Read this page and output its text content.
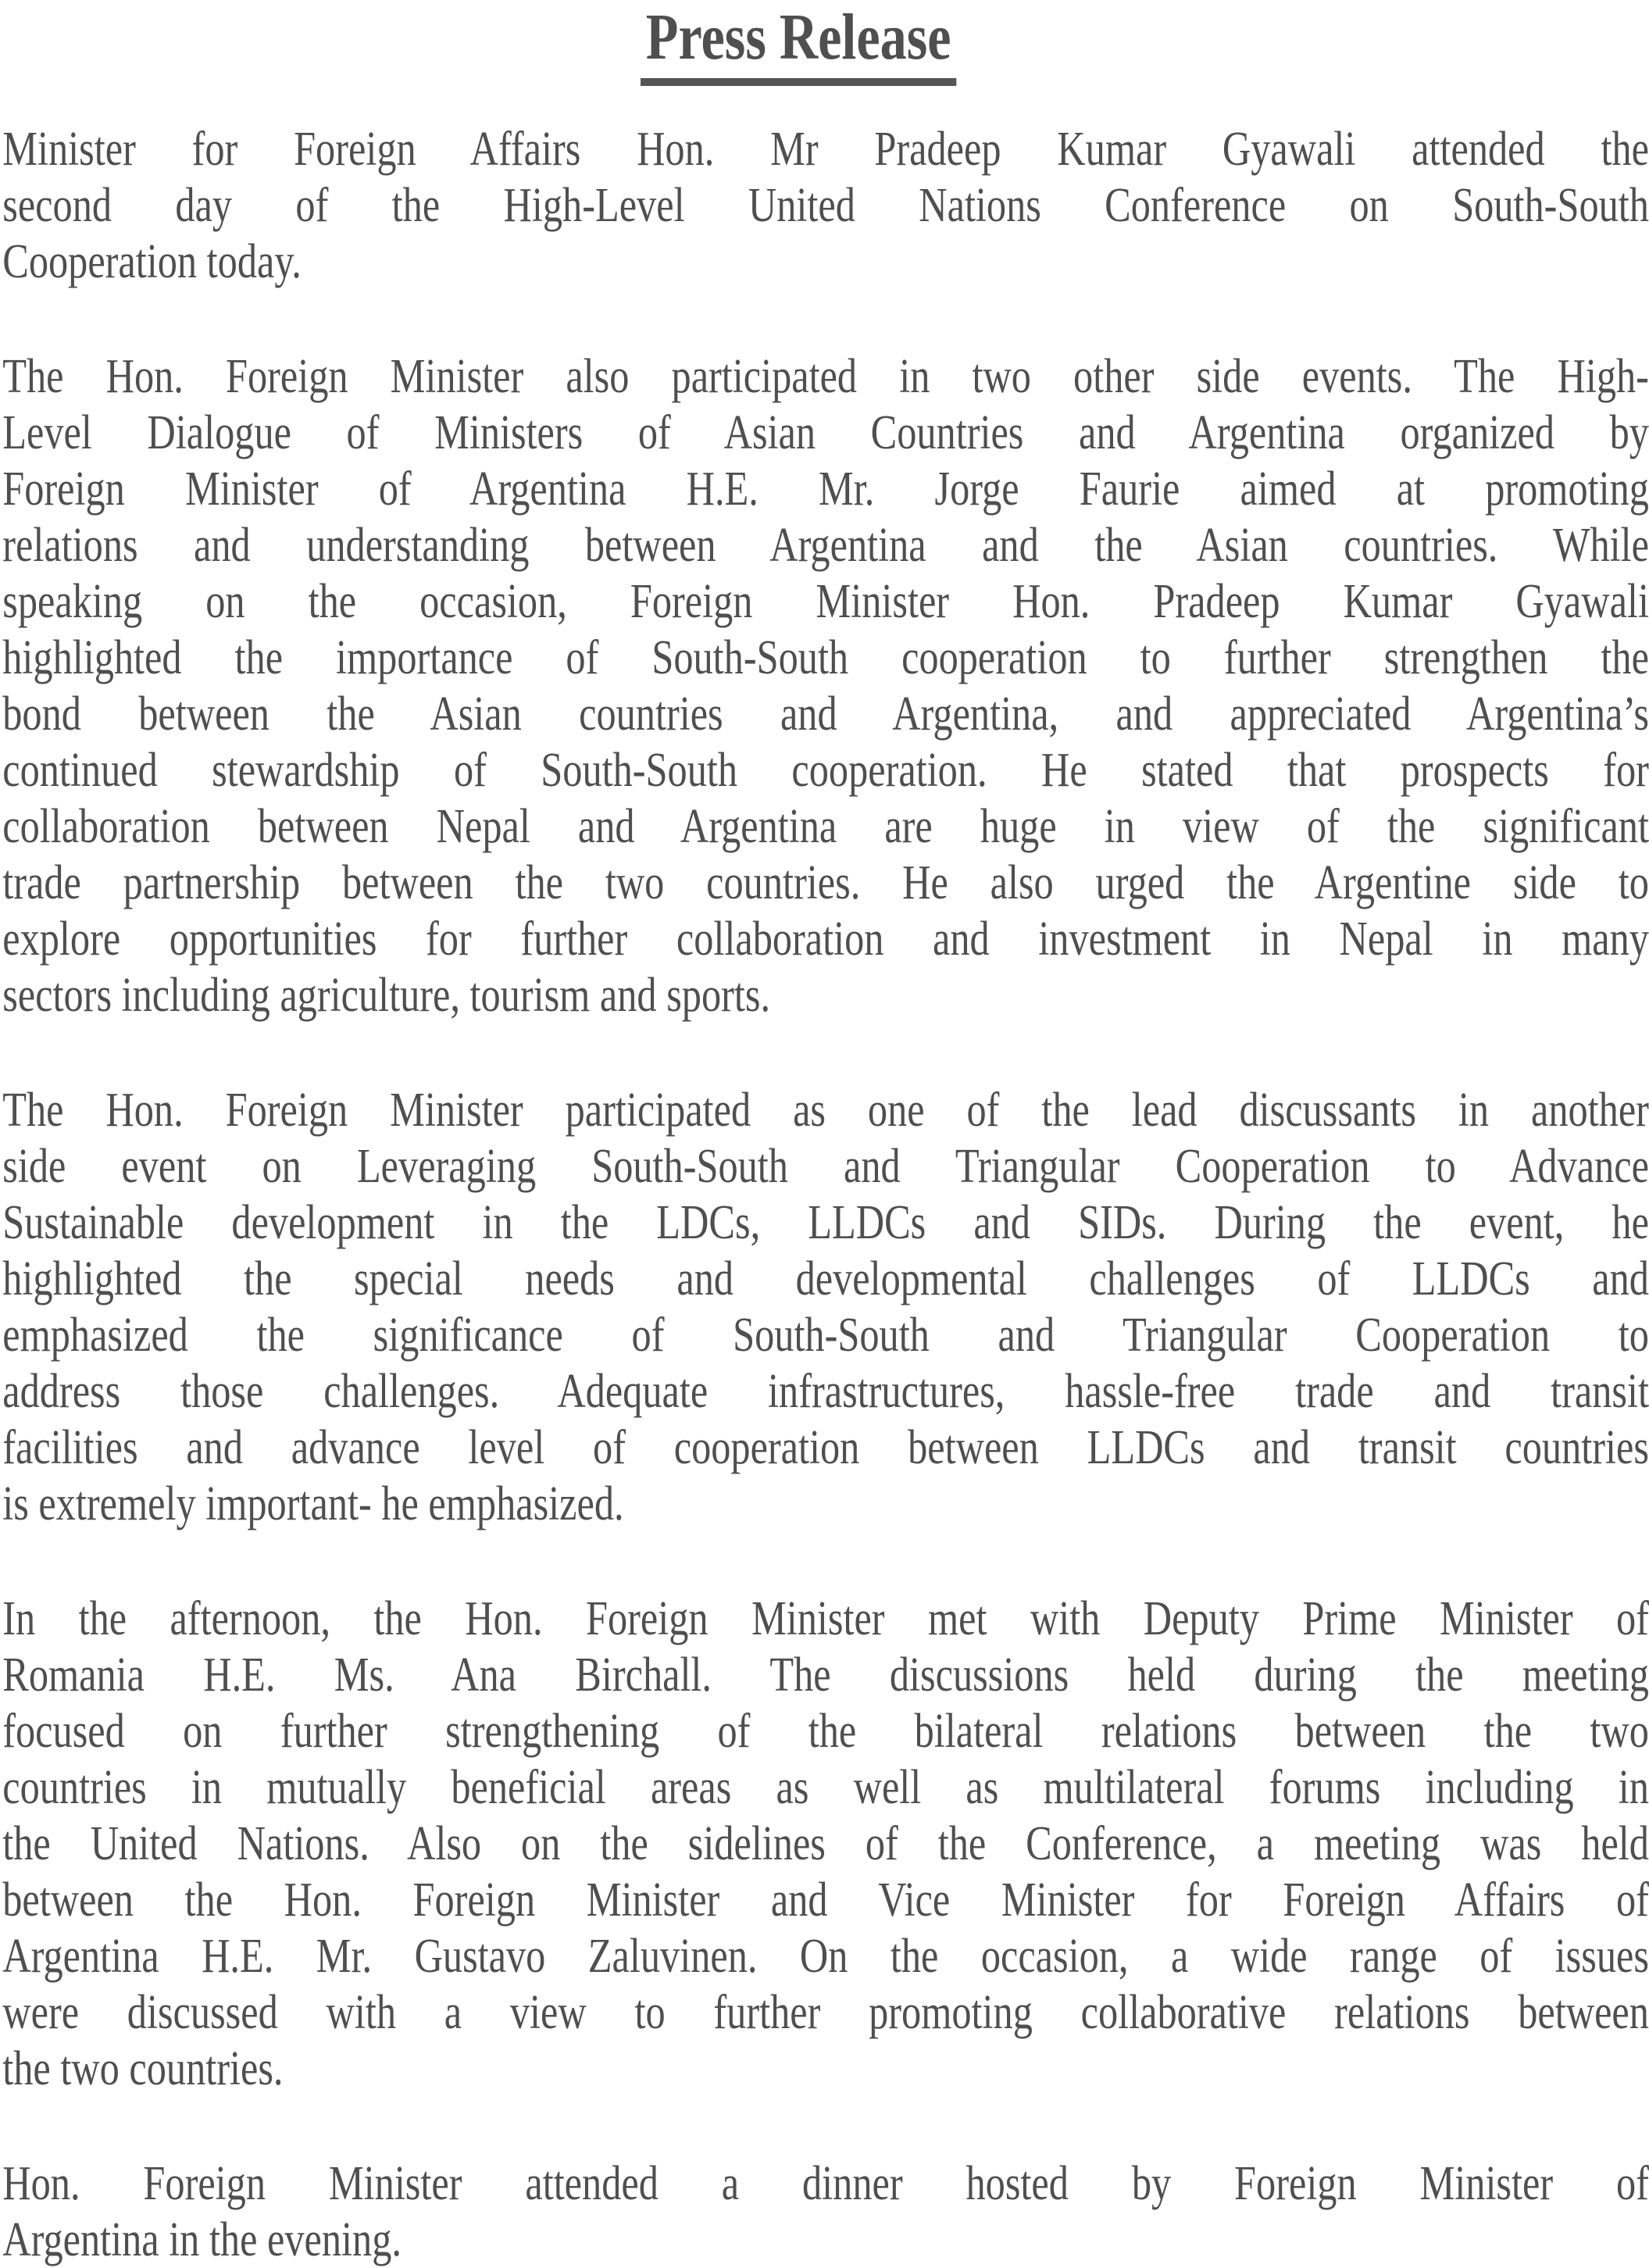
Press Release
Minister for Foreign Affairs Hon. Mr Pradeep Kumar Gyawali attended the
second day of the High-Level United Nations Conference on South-South
Cooperation today.
The Hon. Foreign Minister also participated in two other side events. The High-
Level Dialogue of Ministers of Asian Countries and Argentina organized by
Foreign Minister of Argentina H.E. Mr. Jorge Faurie aimed at promoting
relations and understanding between Argentina and the Asian countries. While
speaking on the occasion, Foreign Minister Hon. Pradeep Kumar Gyawali
highlighted the importance of South-South cooperation to further strengthen the
bond between the Asian countries and Argentina, and appreciated Argentina’s
continued stewardship of South-South cooperation. He stated that prospects for
collaboration between Nepal and Argentina are huge in view of the significant
trade partnership between the two countries. He also urged the Argentine side to
explore opportunities for further collaboration and investment in Nepal in many
sectors including agriculture, tourism and sports.
The Hon. Foreign Minister participated as one of the lead discussants in another
side event on Leveraging South-South and Triangular Cooperation to Advance
Sustainable development in the LDCs, LLDCs and SIDs. During the event, he
highlighted the special needs and developmental challenges of LLDCs and
emphasized the significance of South-South and Triangular Cooperation to
address those challenges. Adequate infrastructures, hassle-free trade and transit
facilities and advance level of cooperation between LLDCs and transit countries
is extremely important- he emphasized.
In the afternoon, the Hon. Foreign Minister met with Deputy Prime Minister of
Romania H.E. Ms. Ana Birchall. The discussions held during the meeting
focused on further strengthening of the bilateral relations between the two
countries in mutually beneficial areas as well as multilateral forums including in
the United Nations. Also on the sidelines of the Conference, a meeting was held
between the Hon. Foreign Minister and Vice Minister for Foreign Affairs of
Argentina H.E. Mr. Gustavo Zaluvinen. On the occasion, a wide range of issues
were discussed with a view to further promoting collaborative relations between
the two countries.
Hon. Foreign Minister attended a dinner hosted by Foreign Minister of
Argentina in the evening.
